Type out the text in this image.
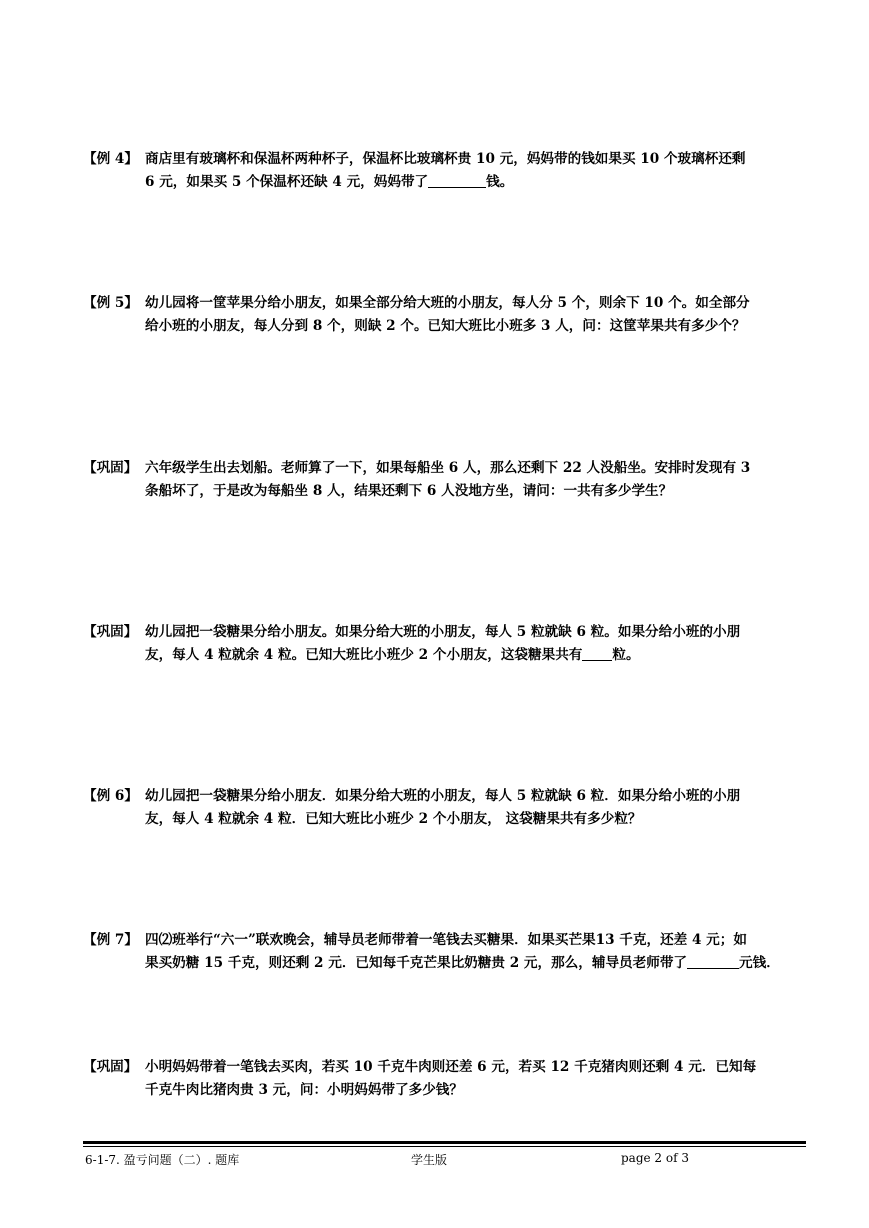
【例 4】 商店里有玻璃杯和保温杯两种杯子，保温杯比玻璃杯贵 10 元，妈妈带的钱如果买 10 个玻璃杯还剩
6 元，如果买 5 个保温杯还缺 4 元，妈妈带了	钱。
【例 5】 幼儿园将一筐苹果分给小朋友，如果全部分给大班的小朋友，每人分 5 个，则余下 10 个。如全部分
给小班的小朋友，每人分到 8 个，则缺 2 个。已知大班比小班多 3 人，问：这筐苹果共有多少个？
【巩固】 六年级学生出去划船。老师算了一下，如果每船坐 6 人，那么还剩下 22 人没船坐。安排时发现有 3
条船坏了，于是改为每船坐 8 人，结果还剩下 6 人没地方坐，请问：一共有多少学生？
【巩固】 幼儿园把一袋糖果分给小朋友。如果分给大班的小朋友，每人 5 粒就缺 6 粒。如果分给小班的小朋
友，每人 4 粒就余 4 粒。已知大班比小班少 2 个小朋友，这袋糖果共有 粒。
【例 6】 幼儿园把一袋糖果分给小朋友．如果分给大班的小朋友，每人 5 粒就缺 6 粒．如果分给小班的小朋
友，每人 4 粒就余 4 粒．已知大班比小班少 2 个小朋友， 这袋糖果共有多少粒？
【例 7】 四⑵班举行“六一”联欢晚会，辅导员老师带着一笔钱去买糖果．如果买芒果13 千克，还差 4 元；如
果买奶糖 15 千克，则还剩 2 元．已知每千克芒果比奶糖贵 2 元，那么，辅导员老师带了	元钱．
【巩固】 小明妈妈带着一笔钱去买肉，若买 10 千克牛肉则还差 6 元，若买 12 千克猪肉则还剩 4 元．已知每
千克牛肉比猪肉贵 3 元，问：小明妈妈带了多少钱？
6-1-7. 盈亏问题（二）. 题库	学生版	page 2 of 3
